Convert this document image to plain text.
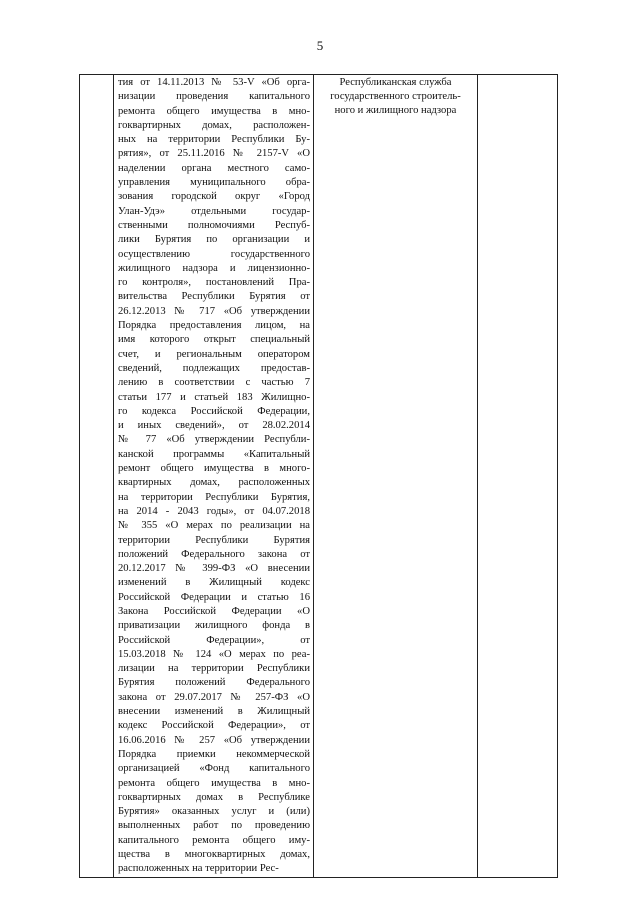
5

тия от 14.11.2013 № 53-V «Об орга-
низации проведения капитального
ремонта общего имущества в мно-
гоквартирных домах, расположен-
ных на территории Республики Бу-
рятия», от 25.11.2016 № 2157-V «О
наделении органа местного само-
управления муниципального обра-
зования городской округ «Город
Улан-Удэ» отдельными государ-
ственными полномочиями Респуб-
лики Бурятия по организации и
осуществлению государственного
жилищного надзора и лицензионно-
го контроля», постановлений Пра-
вительства Республики Бурятия от
26.12.2013 № 717 «Об утверждении
Порядка предоставления лицом, на
имя которого открыт специальный
счет, и региональным оператором
сведений, подлежащих предостав-
лению в соответствии с частью 7
статьи 177 и статьей 183 Жилищно-
го кодекса Российской Федерации,
и иных сведений», от 28.02.2014
№ 77 «Об утверждении Республи-
канской программы «Капитальный
ремонт общего имущества в много-
квартирных домах, расположенных
на территории Республики Бурятия,
на 2014 - 2043 годы», от 04.07.2018
№ 355 «О мерах по реализации на
территории Республики Бурятия
положений Федерального закона от
20.12.2017 № 399-ФЗ «О внесении
изменений в Жилищный кодекс
Российской Федерации и статью 16
Закона Российской Федерации «О
приватизации жилищного фонда в
Российской Федерации», от
15.03.2018 № 124 «О мерах по реа-
лизации на территории Республики
Бурятия положений Федерального
закона от 29.07.2017 № 257-ФЗ «О
внесении изменений в Жилищный
кодекс Российской Федерации», от
16.06.2016 № 257 «Об утверждении
Порядка приемки некоммерческой
организацией «Фонд капитального
ремонта общего имущества в мно-
гоквартирных домах в Республике
Бурятия» оказанных услуг и (или)
выполненных работ по проведению
капитального ремонта общего иму-
щества в многоквартирных домах,
расположенных на территории Рес-

Республиканская служба
государственного строитель-
ного и жилищного надзора
